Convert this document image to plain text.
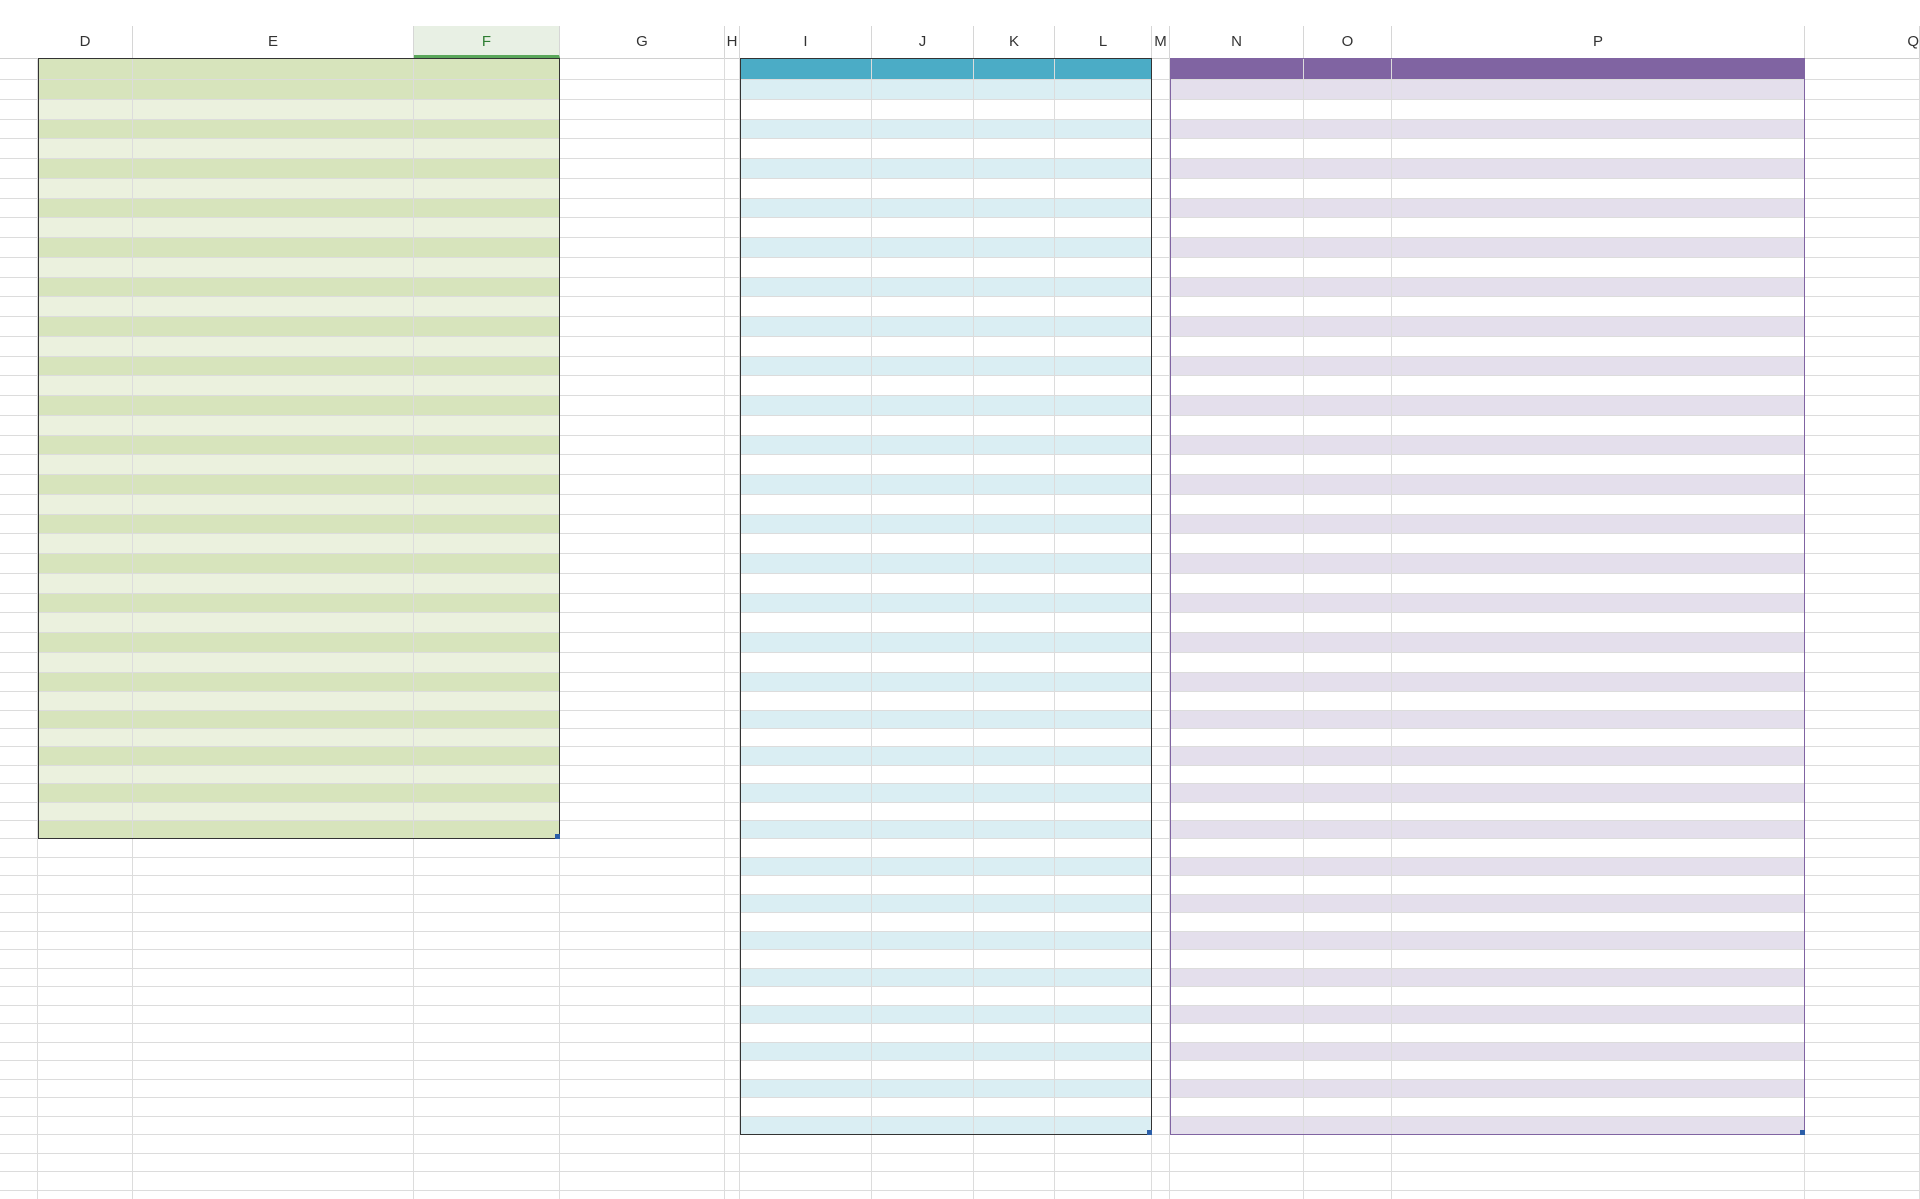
D	E	F	G	H	I	J	K	L	M	N	O	P	Q
